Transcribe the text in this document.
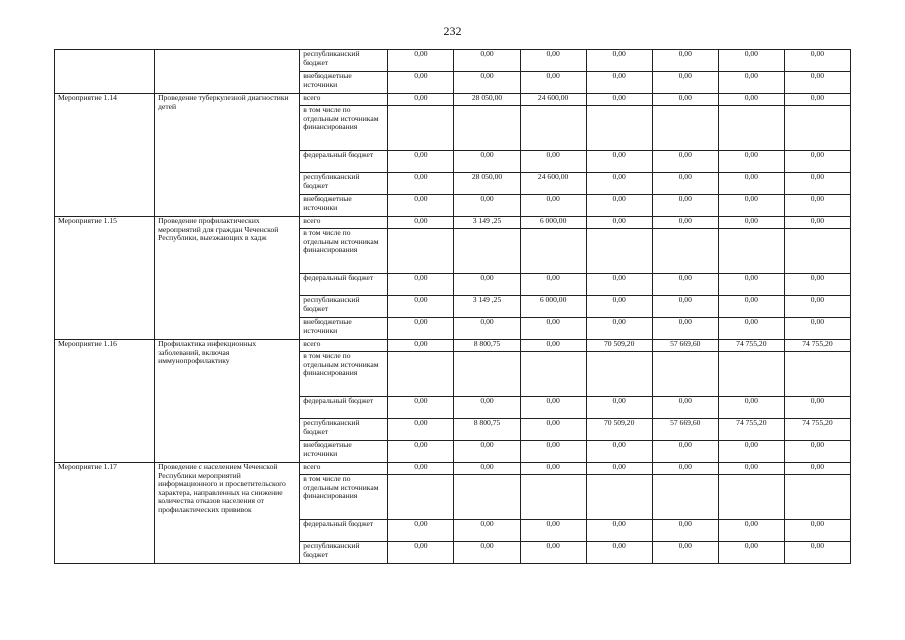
232
		республиканский бюджет	0,00	0,00	0,00	0,00	0,00	0,00	0,00
		внебюджетные источники	0,00	0,00	0,00	0,00	0,00	0,00	0,00
Мероприятие 1.14	Проведение туберкулезной диагностики детей	всего	0,00	28 050,00	24 600,00	0,00	0,00	0,00	0,00
		в том числе по отдельным источникам финансирования							
		федеральный бюджет	0,00	0,00	0,00	0,00	0,00	0,00	0,00
		республиканский бюджет	0,00	28 050,00	24 600,00	0,00	0,00	0,00	0,00
		внебюджетные источники	0,00	0,00	0,00	0,00	0,00	0,00	0,00
Мероприятие 1.15	Проведение профилактических мероприятий для граждан Чеченской Республики, выезжающих в хадж	всего	0,00	3 149 ,25	6 000,00	0,00	0,00	0,00	0,00
		в том числе по отдельным источникам финансирования							
		федеральный бюджет	0,00	0,00	0,00	0,00	0,00	0,00	0,00
		республиканский бюджет	0,00	3 149 ,25	6 000,00	0,00	0,00	0,00	0,00
		внебюджетные источники	0,00	0,00	0,00	0,00	0,00	0,00	0,00
Мероприятие 1.16	Профилактика инфекционных заболеваний, включая иммунопрофилактику	всего	0,00	8 800,75	0,00	70 509,20	57 669,60	74 755,20	74 755,20
		в том числе по отдельным источникам финансирования							
		федеральный бюджет	0,00	0,00	0,00	0,00	0,00	0,00	0,00
		республиканский бюджет	0,00	8 800,75	0,00	70 509,20	57 669,60	74 755,20	74 755,20
		внебюджетные источники	0,00	0,00	0,00	0,00	0,00	0,00	0,00
Мероприятие 1.17	Проведение с населением Чеченской Республики мероприятий информационного и просветительского характера, направленных на снижение количества отказов населения от профилактических прививок	всего	0,00	0,00	0,00	0,00	0,00	0,00	0,00
		в том числе по отдельным источникам финансирования							
		федеральный бюджет	0,00	0,00	0,00	0,00	0,00	0,00	0,00
		республиканский бюджет	0,00	0,00	0,00	0,00	0,00	0,00	0,00
